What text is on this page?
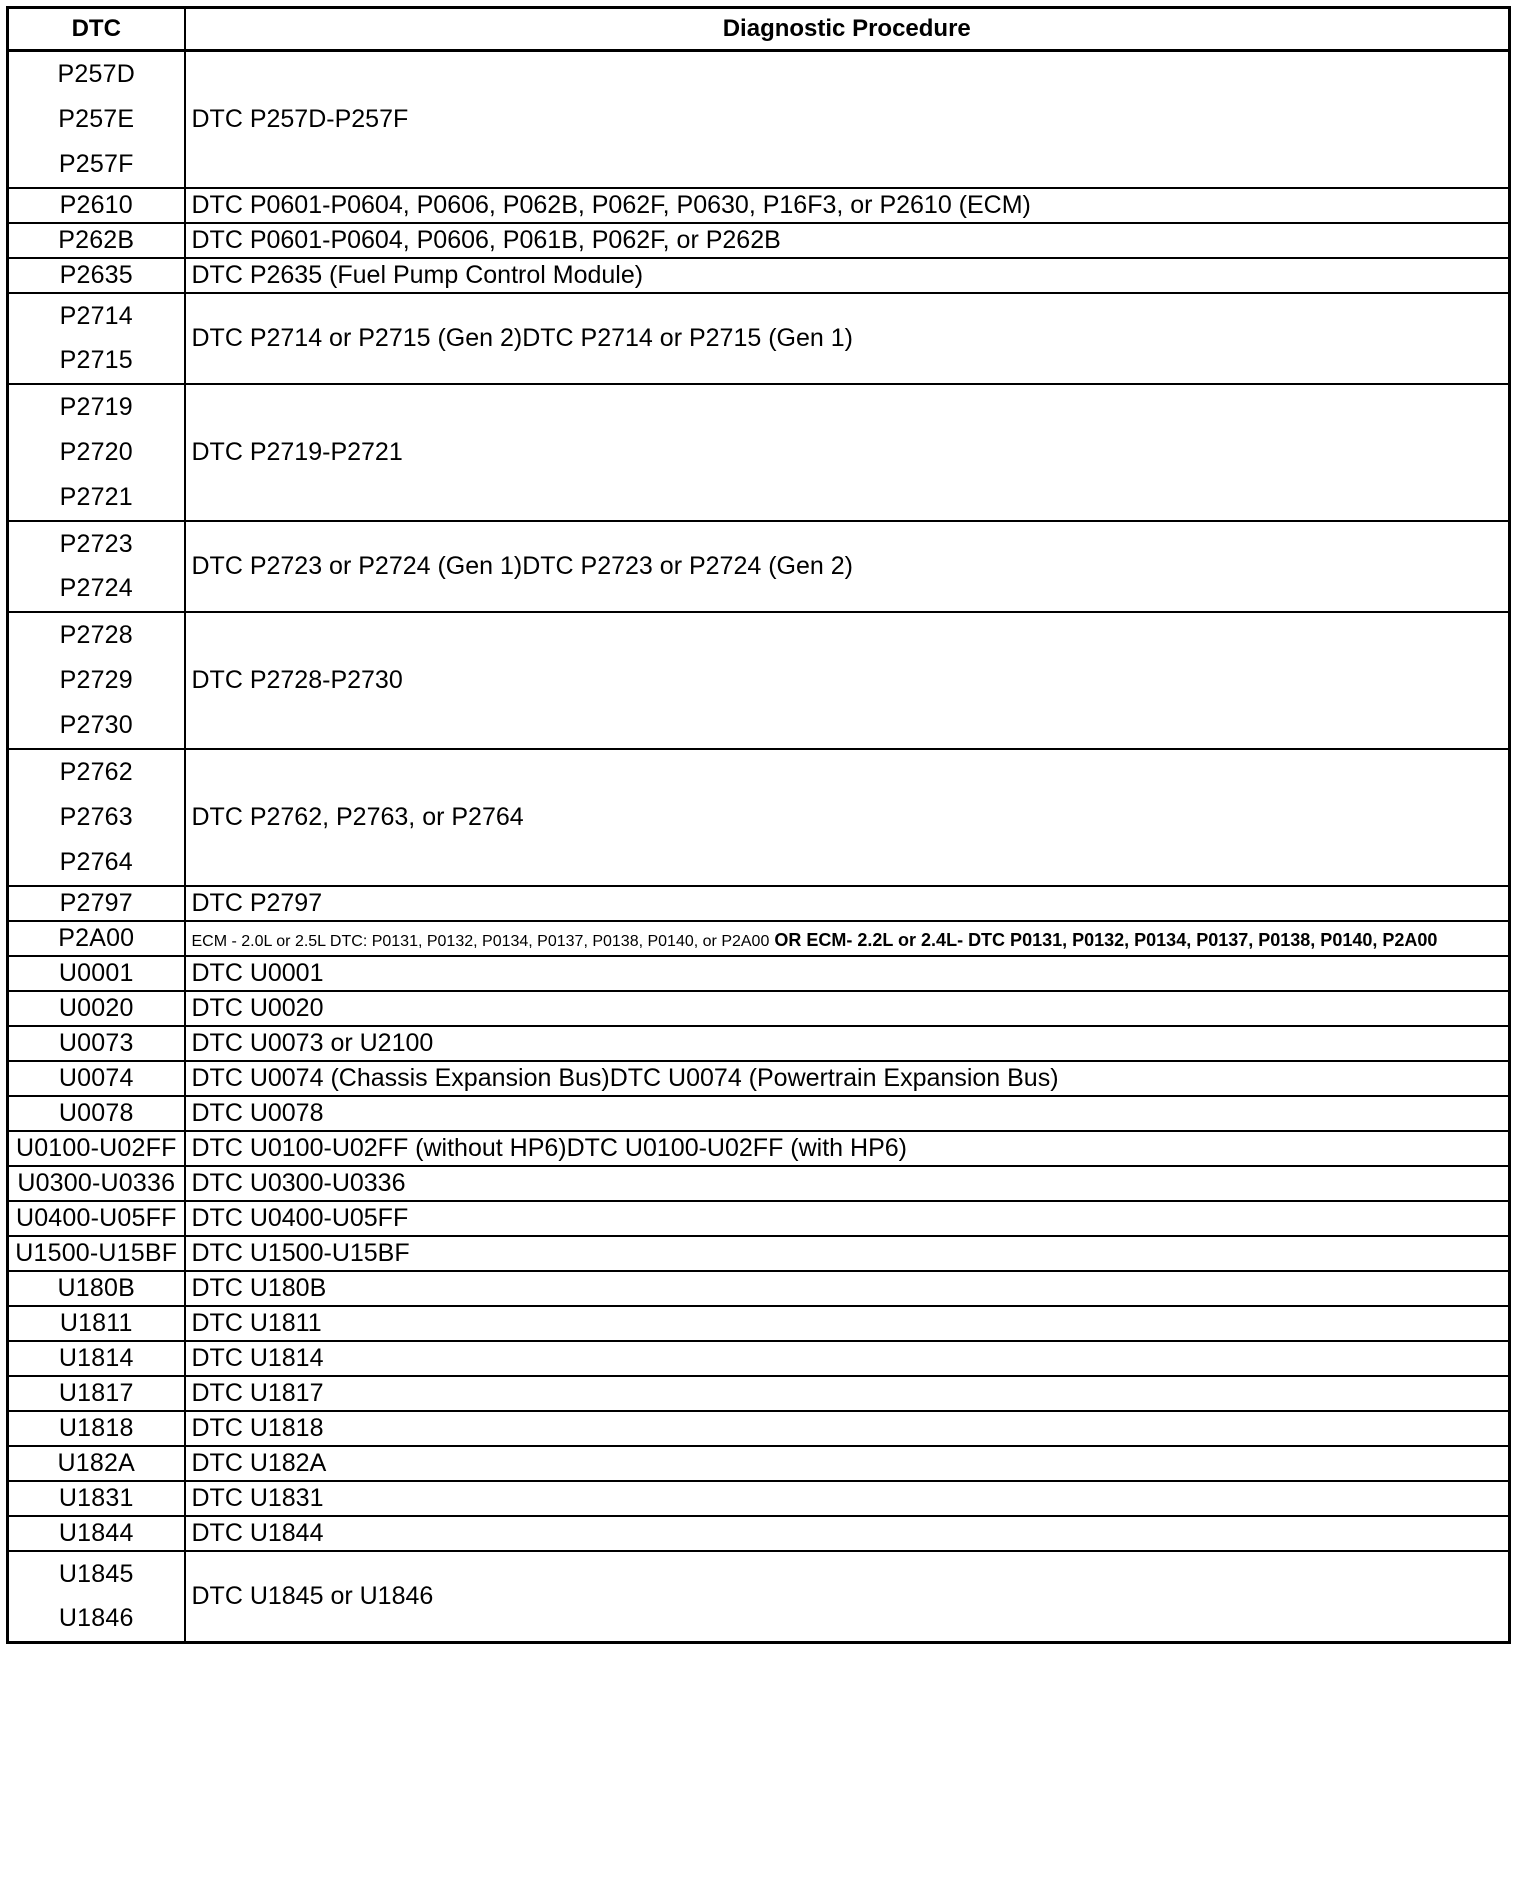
DTC	Diagnostic Procedure

P257D
P257E
P257F	DTC P257D-P257F

P2610	DTC P0601-P0604, P0606, P062B, P062F, P0630, P16F3, or P2610 (ECM)

P262B	DTC P0601-P0604, P0606, P061B, P062F, or P262B

P2635	DTC P2635 (Fuel Pump Control Module)

P2714
P2715	DTC P2714 or P2715 (Gen 2)DTC P2714 or P2715 (Gen 1)

P2719
P2720
P2721	DTC P2719-P2721

P2723
P2724	DTC P2723 or P2724 (Gen 1)DTC P2723 or P2724 (Gen 2)

P2728
P2729
P2730	DTC P2728-P2730

P2762
P2763
P2764	DTC P2762, P2763, or P2764

P2797	DTC P2797

P2A00	ECM - 2.0L or 2.5L DTC: P0131, P0132, P0134, P0137, P0138, P0140, or P2A00 OR ECM- 2.2L or 2.4L- DTC P0131, P0132, P0134, P0137, P0138, P0140, P2A00

U0001	DTC U0001

U0020	DTC U0020

U0073	DTC U0073 or U2100

U0074	DTC U0074 (Chassis Expansion Bus)DTC U0074 (Powertrain Expansion Bus)

U0078	DTC U0078

U0100-U02FF	DTC U0100-U02FF (without HP6)DTC U0100-U02FF (with HP6)

U0300-U0336	DTC U0300-U0336

U0400-U05FF	DTC U0400-U05FF

U1500-U15BF	DTC U1500-U15BF

U180B	DTC U180B

U1811	DTC U1811

U1814	DTC U1814

U1817	DTC U1817

U1818	DTC U1818

U182A	DTC U182A

U1831	DTC U1831

U1844	DTC U1844

U1845
U1846	DTC U1845 or U1846
